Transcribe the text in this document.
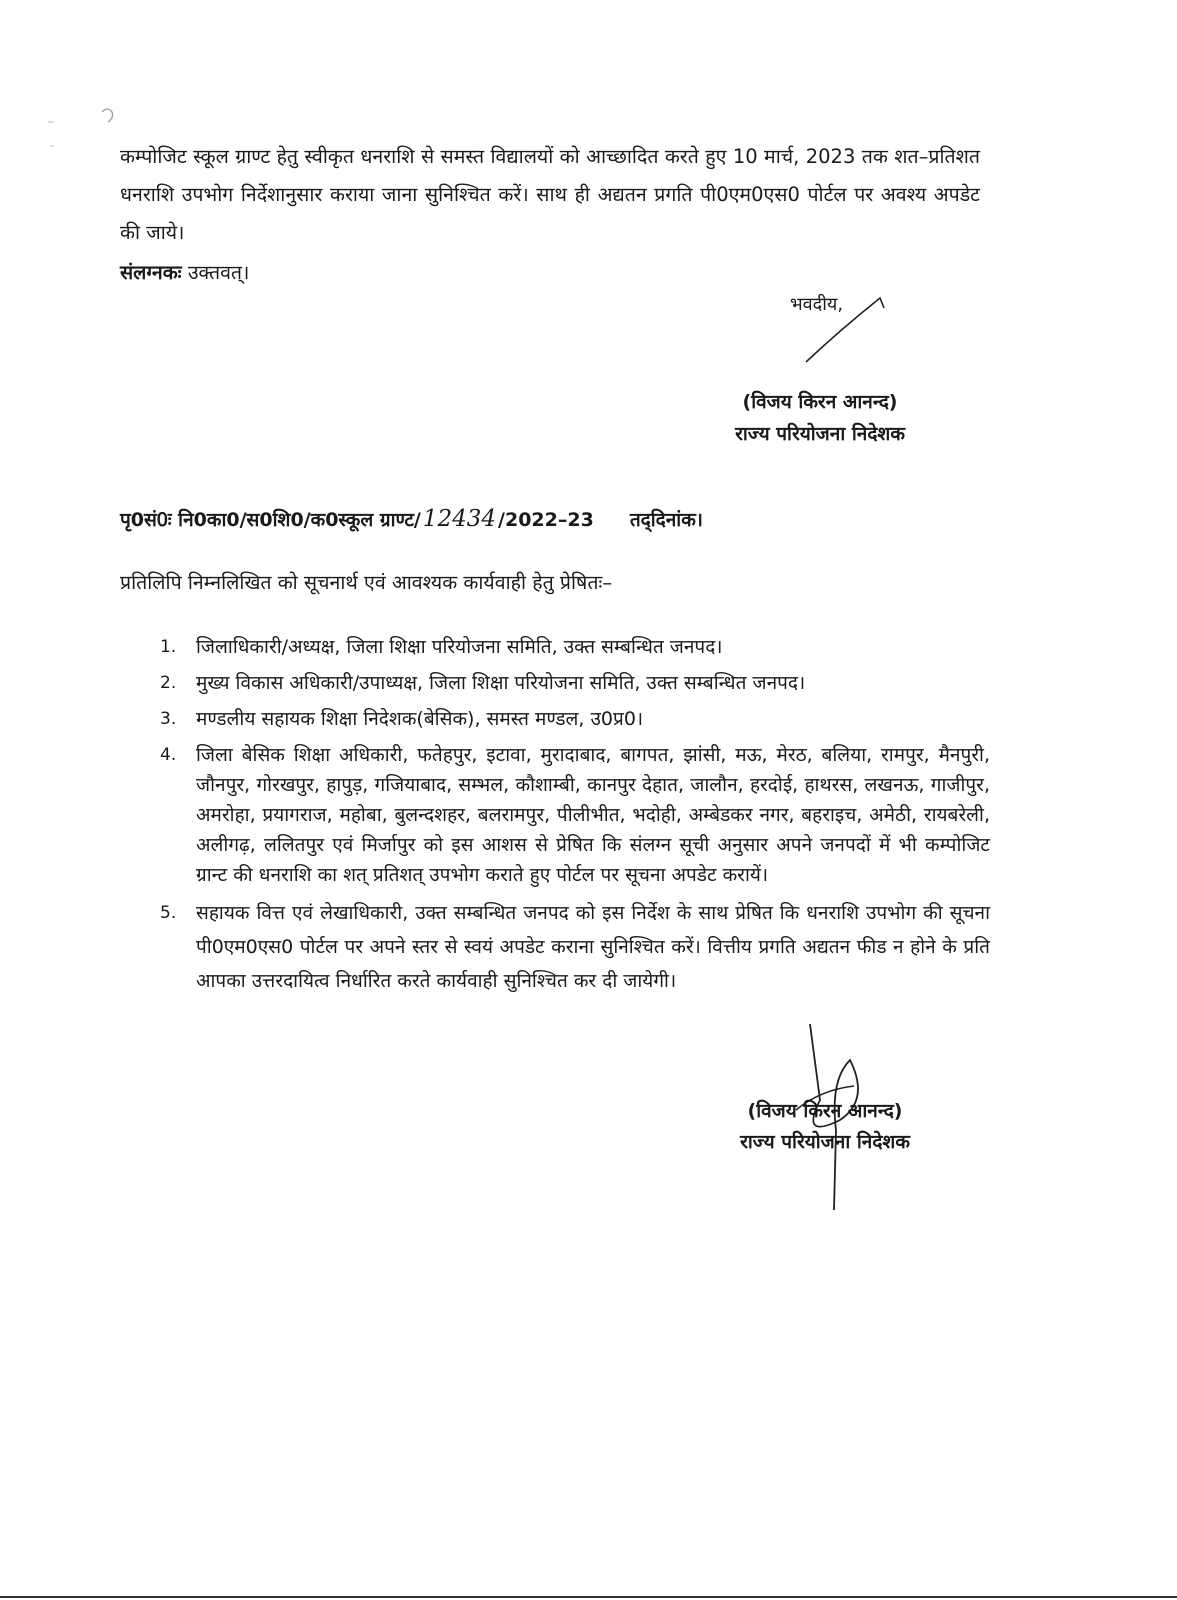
कम्पोजिट स्कूल ग्राण्ट हेतु स्वीकृत धनराशि से समस्त विद्यालयों को आच्छादित करते हुए 10 मार्च, 2023 तक शत–प्रतिशत धनराशि उपभोग निर्देशानुसार कराया जाना सुनिश्चित करें। साथ ही अद्यतन प्रगति पी0एम0एस0 पोर्टल पर अवश्य अपडेट की जाये।

संलग्नकः उक्तवत्।
भवदीय,
(विजय किरन आनन्द)
राज्य परियोजना निदेशक
पृ0सं0ः नि0का0/स0शि0/क0स्कूल ग्राण्ट/12434 /2022–23 तद्‌दिनांक।
प्रतिलिपि निम्नलिखित को सूचनार्थ एवं आवश्यक कार्यवाही हेतु प्रेषितः–
1. जिलाधिकारी/अध्यक्ष, जिला शिक्षा परियोजना समिति, उक्त सम्बन्धित जनपद।
2. मुख्य विकास अधिकारी/उपाध्यक्ष, जिला शिक्षा परियोजना समिति, उक्त सम्बन्धित जनपद।
3. मण्डलीय सहायक शिक्षा निदेशक(बेसिक), समस्त मण्डल, उ0प्र0।
4. जिला बेसिक शिक्षा अधिकारी, फतेहपुर, इटावा, मुरादाबाद, बागपत, झांसी, मऊ, मेरठ, बलिया, रामपुर, मैनपुरी, जौनपुर, गोरखपुर, हापुड़, गजियाबाद, सम्भल, कौशाम्बी, कानपुर देहात, जालौन, हरदोई, हाथरस, लखनऊ, गाजीपुर, अमरोहा, प्रयागराज, महोबा, बुलन्दशहर, बलरामपुर, पीलीभीत, भदोही, अम्बेडकर नगर, बहराइच, अमेठी, रायबरेली, अलीगढ़, ललितपुर एवं मिर्जापुर को इस आशस से प्रेषित कि संलग्न सूची अनुसार अपने जनपदों में भी कम्पोजिट ग्रान्ट की धनराशि का शत् प्रतिशत् उपभोग कराते हुए पोर्टल पर सूचना अपडेट करायें।
5. सहायक वित्त एवं लेखाधिकारी, उक्त सम्बन्धित जनपद को इस निर्देश के साथ प्रेषित कि धनराशि उपभोग की सूचना पी0एम0एस0 पोर्टल पर अपने स्तर से स्वयं अपडेट कराना सुनिश्चित करें। वित्तीय प्रगति अद्यतन फीड न होने के प्रति आपका उत्तरदायित्व निर्धारित करते कार्यवाही सुनिश्चित कर दी जायेगी।
(विजय किरन आनन्द)
राज्य परियोजना निदेशक
